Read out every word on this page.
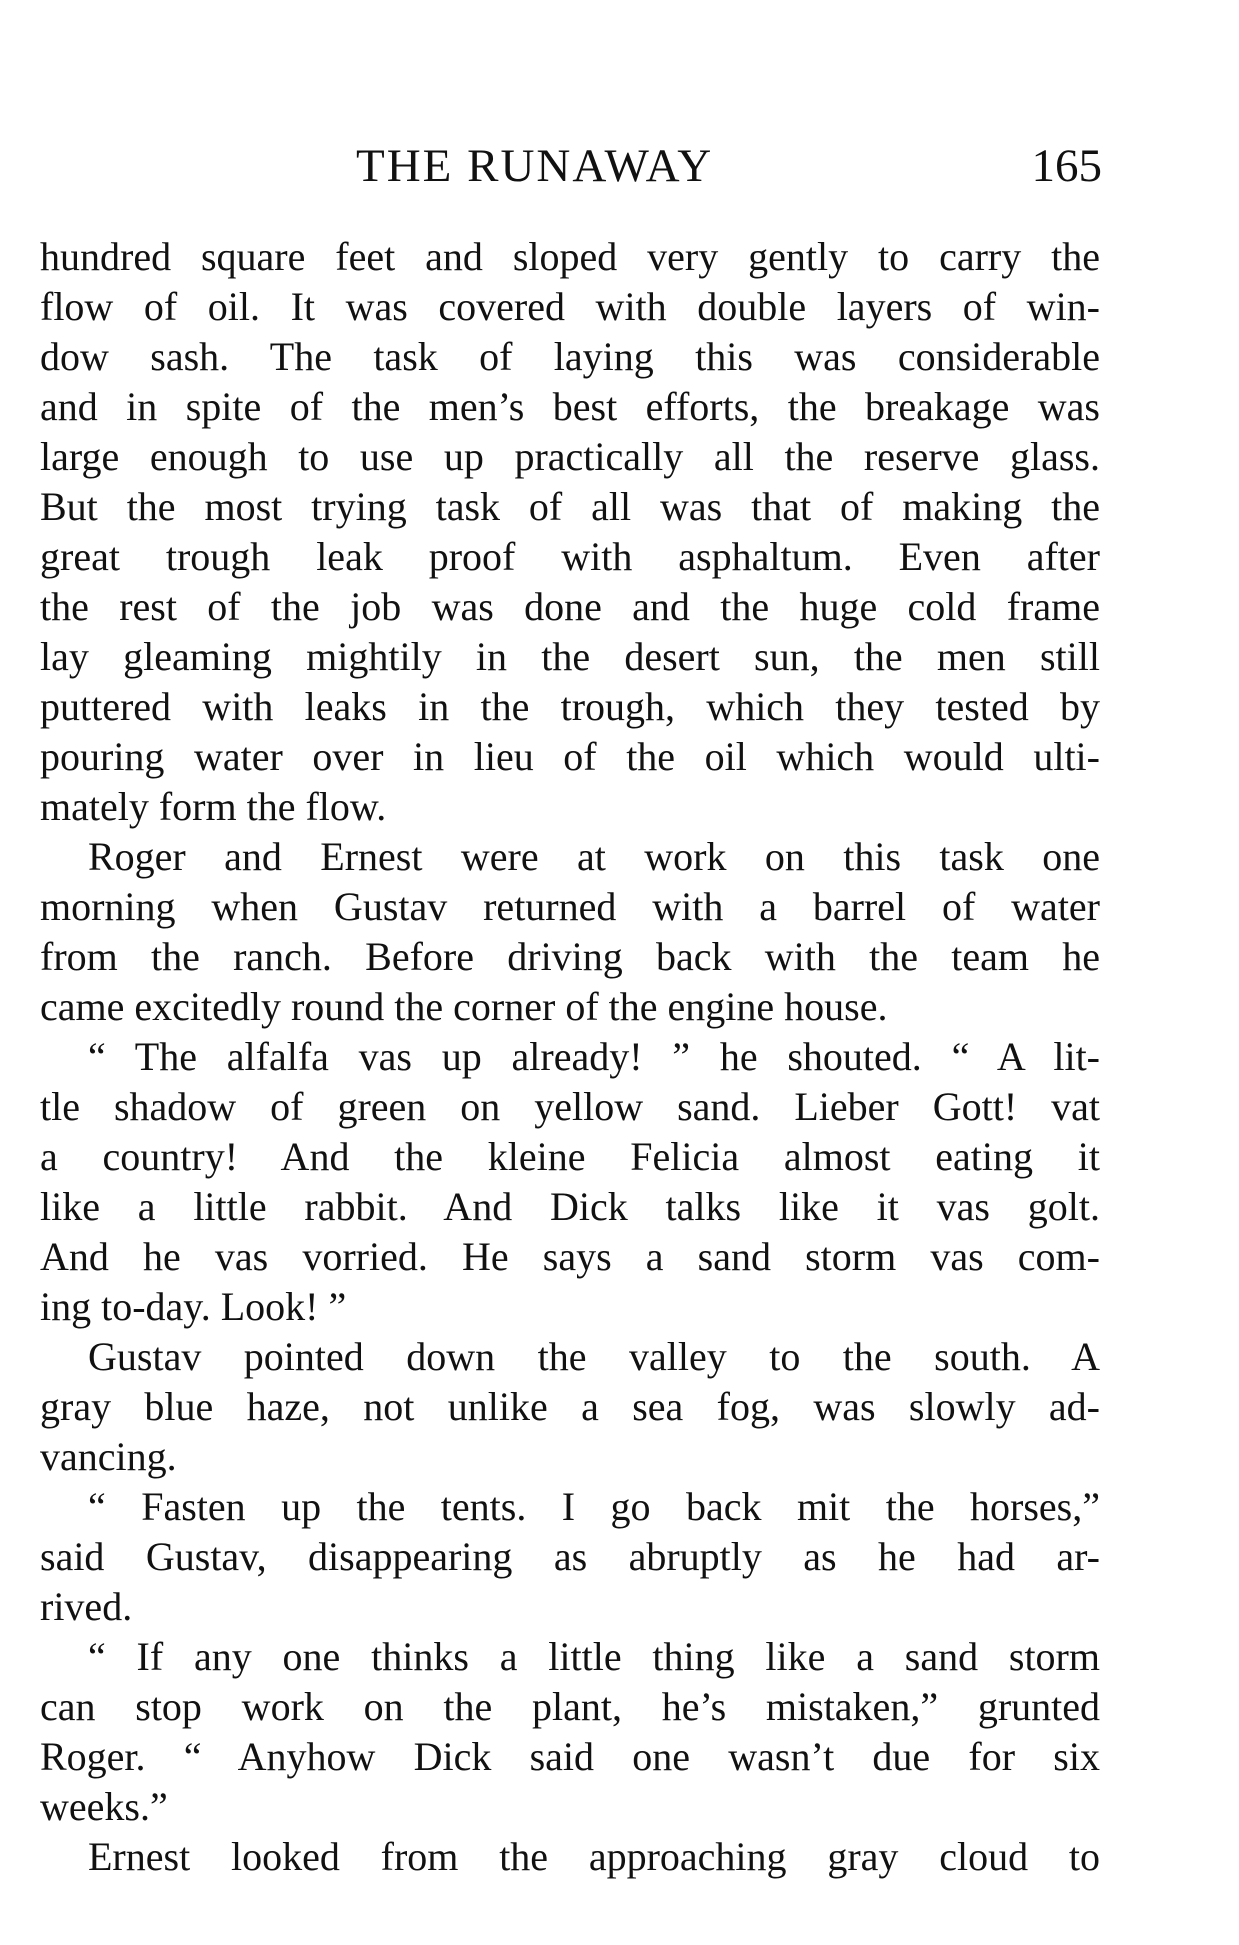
THE RUNAWAY	165
hundred square feet and sloped very gently to carry the
flow of oil. It was covered with double layers of win-
dow sash. The task of laying this was considerable
and in spite of the men’s best efforts, the breakage was
large enough to use up practically all the reserve glass.
But the most trying task of all was that of making the
great trough leak proof with asphaltum. Even after
the rest of the job was done and the huge cold frame
lay gleaming mightily in the desert sun, the men still
puttered with leaks in the trough, which they tested by
pouring water over in lieu of the oil which would ulti-
mately form the flow.
Roger and Ernest were at work on this task one
morning when Gustav returned with a barrel of water
from the ranch. Before driving back with the team he
came excitedly round the corner of the engine house.
“ The alfalfa vas up already! ” he shouted. “ A lit-
tle shadow of green on yellow sand. Lieber Gott! vat
a country! And the kleine Felicia almost eating it
like a little rabbit. And Dick talks like it vas golt.
And he vas vorried. He says a sand storm vas com-
ing to-day. Look! ”
Gustav pointed down the valley to the south. A
gray blue haze, not unlike a sea fog, was slowly ad-
vancing.
“ Fasten up the tents. I go back mit the horses,”
said Gustav, disappearing as abruptly as he had ar-
rived.
“ If any one thinks a little thing like a sand storm
can stop work on the plant, he’s mistaken,” grunted
Roger. “ Anyhow Dick said one wasn’t due for six
weeks.”
Ernest looked from the approaching gray cloud to
